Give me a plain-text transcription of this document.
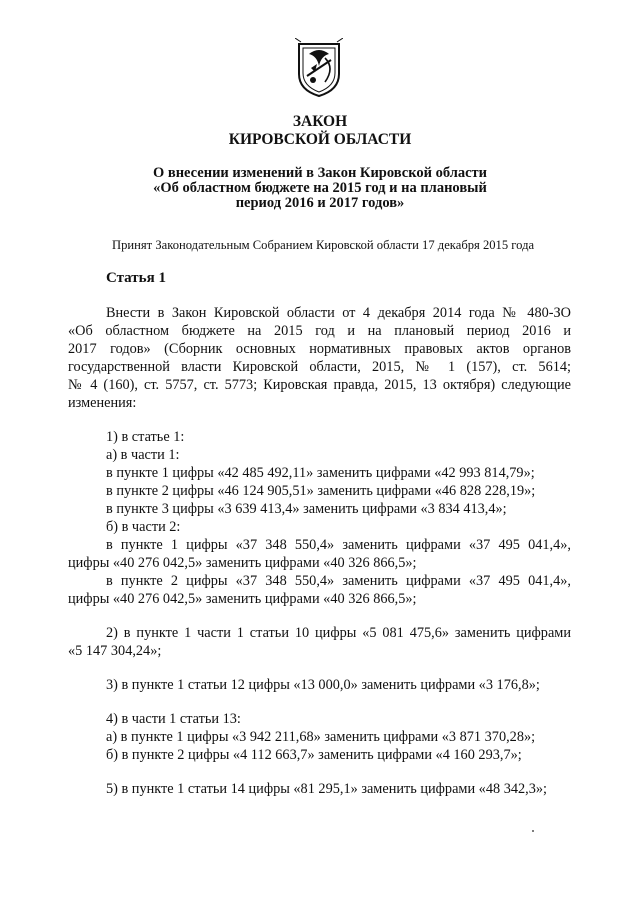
ЗАКОН
КИРОВСКОЙ ОБЛАСТИ
О внесении изменений в Закон Кировской области
«Об областном бюджете на 2015 год и на плановый
период 2016 и 2017 годов»
Принят Законодательным Собранием Кировской области 17 декабря 2015 года
Статья 1
Внести в Закон Кировской области от 4 декабря 2014 года № 480-ЗО
«Об областном бюджете на 2015 год и на плановый период 2016 и
2017 годов» (Сборник основных нормативных правовых актов органов
государственной власти Кировской области, 2015, № 1 (157), ст. 5614;
№ 4 (160), ст. 5757, ст. 5773; Кировская правда, 2015, 13 октября) следующие
изменения:
1) в статье 1:
а) в части 1:
в пункте 1 цифры «42 485 492,11» заменить цифрами «42 993 814,79»;
в пункте 2 цифры «46 124 905,51» заменить цифрами «46 828 228,19»;
в пункте 3 цифры «3 639 413,4» заменить цифрами «3 834 413,4»;
б) в части 2:
в пункте 1 цифры «37 348 550,4» заменить цифрами «37 495 041,4»,
цифры «40 276 042,5» заменить цифрами «40 326 866,5»;
в пункте 2 цифры «37 348 550,4» заменить цифрами «37 495 041,4»,
цифры «40 276 042,5» заменить цифрами «40 326 866,5»;
2) в пункте 1 части 1 статьи 10 цифры «5 081 475,6» заменить цифрами
«5 147 304,24»;
3) в пункте 1 статьи 12 цифры «13 000,0» заменить цифрами «3 176,8»;
4) в части 1 статьи 13:
а) в пункте 1 цифры «3 942 211,68» заменить цифрами «3 871 370,28»;
б) в пункте 2 цифры «4 112 663,7» заменить цифрами «4 160 293,7»;
5) в пункте 1 статьи 14 цифры «81 295,1» заменить цифрами «48 342,3»;
